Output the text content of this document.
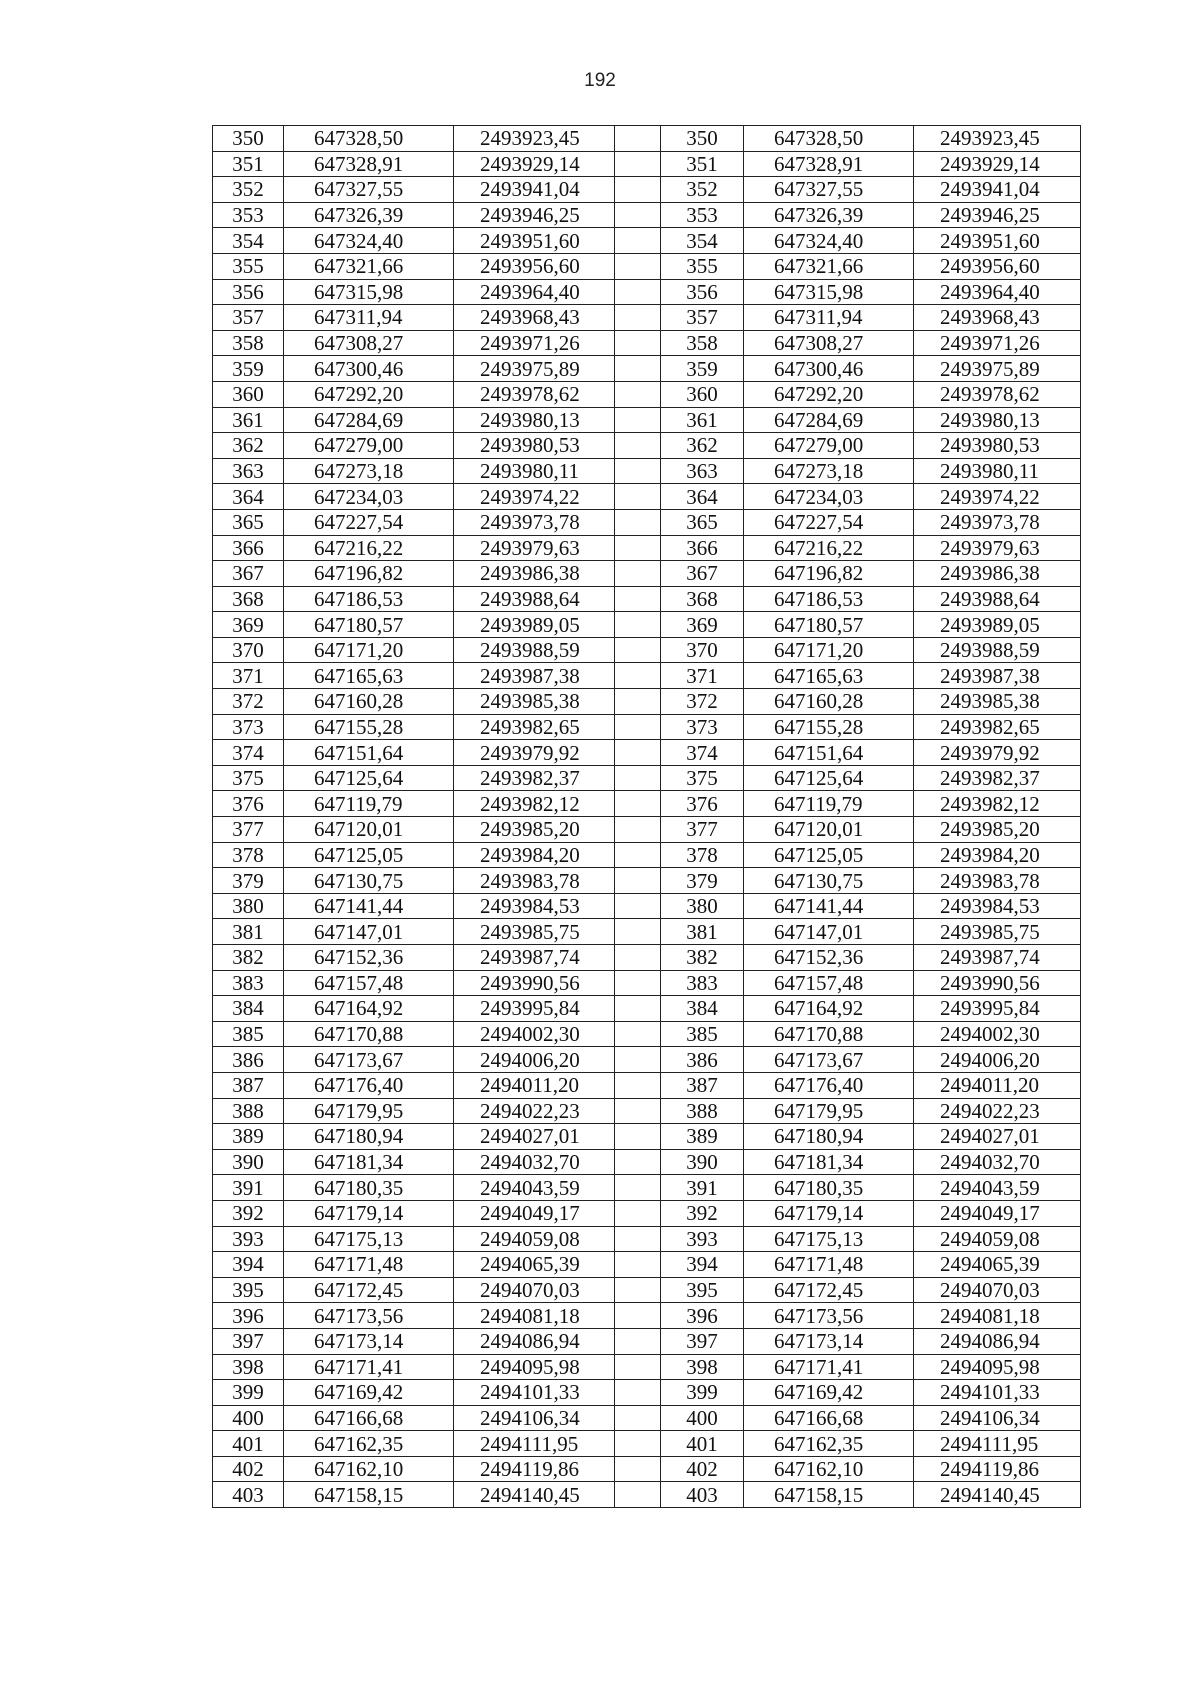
192
350	647328,50	2493923,45		350	647328,50	2493923,45
351	647328,91	2493929,14		351	647328,91	2493929,14
352	647327,55	2493941,04		352	647327,55	2493941,04
353	647326,39	2493946,25		353	647326,39	2493946,25
354	647324,40	2493951,60		354	647324,40	2493951,60
355	647321,66	2493956,60		355	647321,66	2493956,60
356	647315,98	2493964,40		356	647315,98	2493964,40
357	647311,94	2493968,43		357	647311,94	2493968,43
358	647308,27	2493971,26		358	647308,27	2493971,26
359	647300,46	2493975,89		359	647300,46	2493975,89
360	647292,20	2493978,62		360	647292,20	2493978,62
361	647284,69	2493980,13		361	647284,69	2493980,13
362	647279,00	2493980,53		362	647279,00	2493980,53
363	647273,18	2493980,11		363	647273,18	2493980,11
364	647234,03	2493974,22		364	647234,03	2493974,22
365	647227,54	2493973,78		365	647227,54	2493973,78
366	647216,22	2493979,63		366	647216,22	2493979,63
367	647196,82	2493986,38		367	647196,82	2493986,38
368	647186,53	2493988,64		368	647186,53	2493988,64
369	647180,57	2493989,05		369	647180,57	2493989,05
370	647171,20	2493988,59		370	647171,20	2493988,59
371	647165,63	2493987,38		371	647165,63	2493987,38
372	647160,28	2493985,38		372	647160,28	2493985,38
373	647155,28	2493982,65		373	647155,28	2493982,65
374	647151,64	2493979,92		374	647151,64	2493979,92
375	647125,64	2493982,37		375	647125,64	2493982,37
376	647119,79	2493982,12		376	647119,79	2493982,12
377	647120,01	2493985,20		377	647120,01	2493985,20
378	647125,05	2493984,20		378	647125,05	2493984,20
379	647130,75	2493983,78		379	647130,75	2493983,78
380	647141,44	2493984,53		380	647141,44	2493984,53
381	647147,01	2493985,75		381	647147,01	2493985,75
382	647152,36	2493987,74		382	647152,36	2493987,74
383	647157,48	2493990,56		383	647157,48	2493990,56
384	647164,92	2493995,84		384	647164,92	2493995,84
385	647170,88	2494002,30		385	647170,88	2494002,30
386	647173,67	2494006,20		386	647173,67	2494006,20
387	647176,40	2494011,20		387	647176,40	2494011,20
388	647179,95	2494022,23		388	647179,95	2494022,23
389	647180,94	2494027,01		389	647180,94	2494027,01
390	647181,34	2494032,70		390	647181,34	2494032,70
391	647180,35	2494043,59		391	647180,35	2494043,59
392	647179,14	2494049,17		392	647179,14	2494049,17
393	647175,13	2494059,08		393	647175,13	2494059,08
394	647171,48	2494065,39		394	647171,48	2494065,39
395	647172,45	2494070,03		395	647172,45	2494070,03
396	647173,56	2494081,18		396	647173,56	2494081,18
397	647173,14	2494086,94		397	647173,14	2494086,94
398	647171,41	2494095,98		398	647171,41	2494095,98
399	647169,42	2494101,33		399	647169,42	2494101,33
400	647166,68	2494106,34		400	647166,68	2494106,34
401	647162,35	2494111,95		401	647162,35	2494111,95
402	647162,10	2494119,86		402	647162,10	2494119,86
403	647158,15	2494140,45		403	647158,15	2494140,45
